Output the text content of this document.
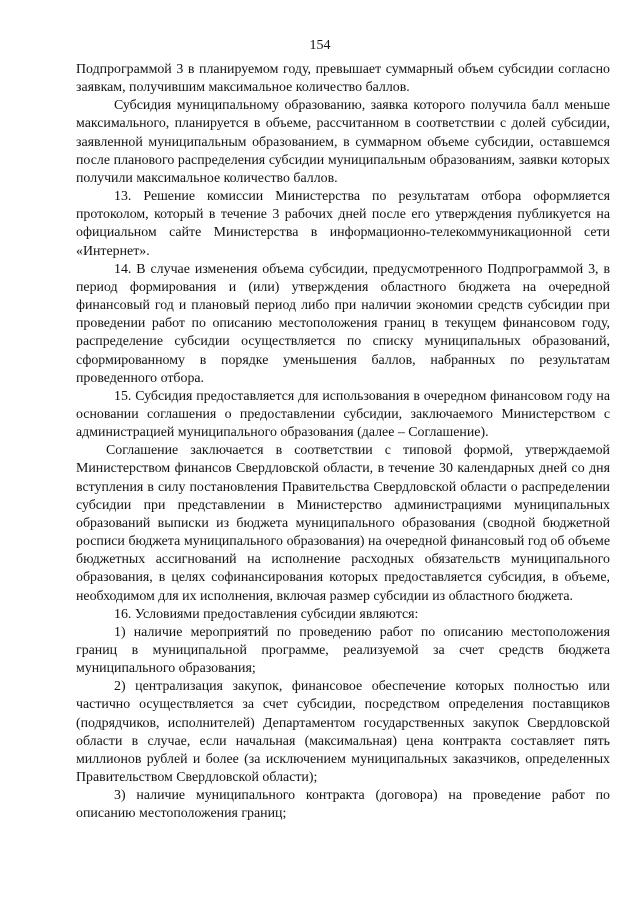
154

Подпрограммой 3 в планируемом году, превышает суммарный объем субсидии согласно заявкам, получившим максимальное количество баллов.

Субсидия муниципальному образованию, заявка которого получила балл меньше максимального, планируется в объеме, рассчитанном в соответствии с долей субсидии, заявленной муниципальным образованием, в суммарном объеме субсидии, оставшемся после планового распределения субсидии муниципальным образованиям, заявки которых получили максимальное количество баллов.

13. Решение комиссии Министерства по результатам отбора оформляется протоколом, который в течение 3 рабочих дней после его утверждения публикуется на официальном сайте Министерства в информационно-телекоммуникационной сети «Интернет».

14. В случае изменения объема субсидии, предусмотренного Подпрограммой 3, в период формирования и (или) утверждения областного бюджета на очередной финансовый год и плановый период либо при наличии экономии средств субсидии при проведении работ по описанию местоположения границ в текущем финансовом году, распределение субсидии осуществляется по списку муниципальных образований, сформированному в порядке уменьшения баллов, набранных по результатам проведенного отбора.

15. Субсидия предоставляется для использования в очередном финансовом году на основании соглашения о предоставлении субсидии, заключаемого Министерством с администрацией муниципального образования (далее – Соглашение).

Соглашение заключается в соответствии с типовой формой, утверждаемой Министерством финансов Свердловской области, в течение 30 календарных дней со дня вступления в силу постановления Правительства Свердловской области о распределении субсидии при представлении в Министерство администрациями муниципальных образований выписки из бюджета муниципального образования (сводной бюджетной росписи бюджета муниципального образования) на очередной финансовый год об объеме бюджетных ассигнований на исполнение расходных обязательств муниципального образования, в целях софинансирования которых предоставляется субсидия, в объеме, необходимом для их исполнения, включая размер субсидии из областного бюджета.

16. Условиями предоставления субсидии являются:

1) наличие мероприятий по проведению работ по описанию местоположения границ в муниципальной программе, реализуемой за счет средств бюджета муниципального образования;

2) централизация закупок, финансовое обеспечение которых полностью или частично осуществляется за счет субсидии, посредством определения поставщиков (подрядчиков, исполнителей) Департаментом государственных закупок Свердловской области в случае, если начальная (максимальная) цена контракта составляет пять миллионов рублей и более (за исключением муниципальных заказчиков, определенных Правительством Свердловской области);

3) наличие муниципального контракта (договора) на проведение работ по описанию местоположения границ;
